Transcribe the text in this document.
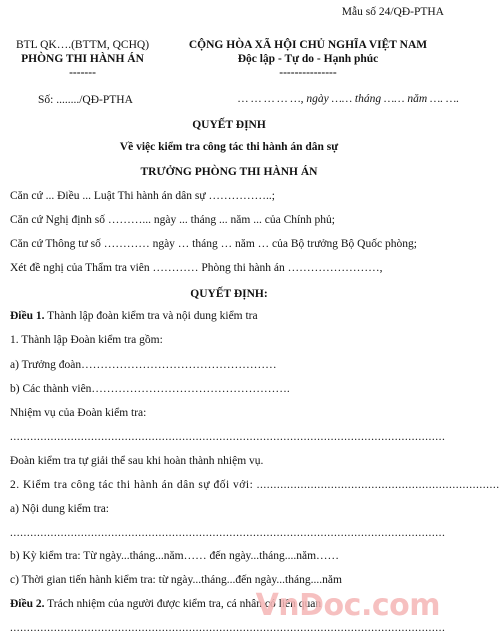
Mẫu số 24/QĐ-PTHA
BTL QK….(BTTM, QCHQ)
PHÒNG THI HÀNH ÁN
-------
CỘNG HÒA XÃ HỘI CHỦ NGHĨA VIỆT NAM
Độc lập - Tự do - Hạnh phúc
---------------
Số: ......../QĐ-PTHA	… … … … …, ngày …… tháng …… năm …. ….
QUYẾT ĐỊNH
Về việc kiểm tra công tác thi hành án dân sự
TRƯỞNG PHÒNG THI HÀNH ÁN
Căn cứ ... Điều ... Luật Thi hành án dân sự ……………..;
Căn cứ Nghị định số ………... ngày ... tháng ... năm ... của Chính phủ;
Căn cứ Thông tư số ………… ngày … tháng … năm … của Bộ trưởng Bộ Quốc phòng;
Xét đề nghị của Thẩm tra viên ………… Phòng thi hành án ……………………,
QUYẾT ĐỊNH:
Điều 1. Thành lập đoàn kiểm tra và nội dung kiểm tra
1. Thành lập Đoàn kiểm tra gồm:
a) Trưởng đoàn……………………………………………
b) Các thành viên…………………………………………….
Nhiệm vụ của Đoàn kiểm tra:
.................................................................................................................................
Đoàn kiểm tra tự giải thể sau khi hoàn thành nhiệm vụ.
2. Kiểm tra công tác thi hành án dân sự đối với: ........................................................................
a) Nội dung kiểm tra:
.................................................................................................................................
b) Kỳ kiểm tra: Từ ngày...tháng...năm…… đến ngày...tháng....năm……
c) Thời gian tiến hành kiểm tra: từ ngày...tháng...đến ngày...tháng....năm
Điều 2. Trách nhiệm của người được kiểm tra, cá nhân có liên quan
.................................................................................................................................
VnDoc.com
